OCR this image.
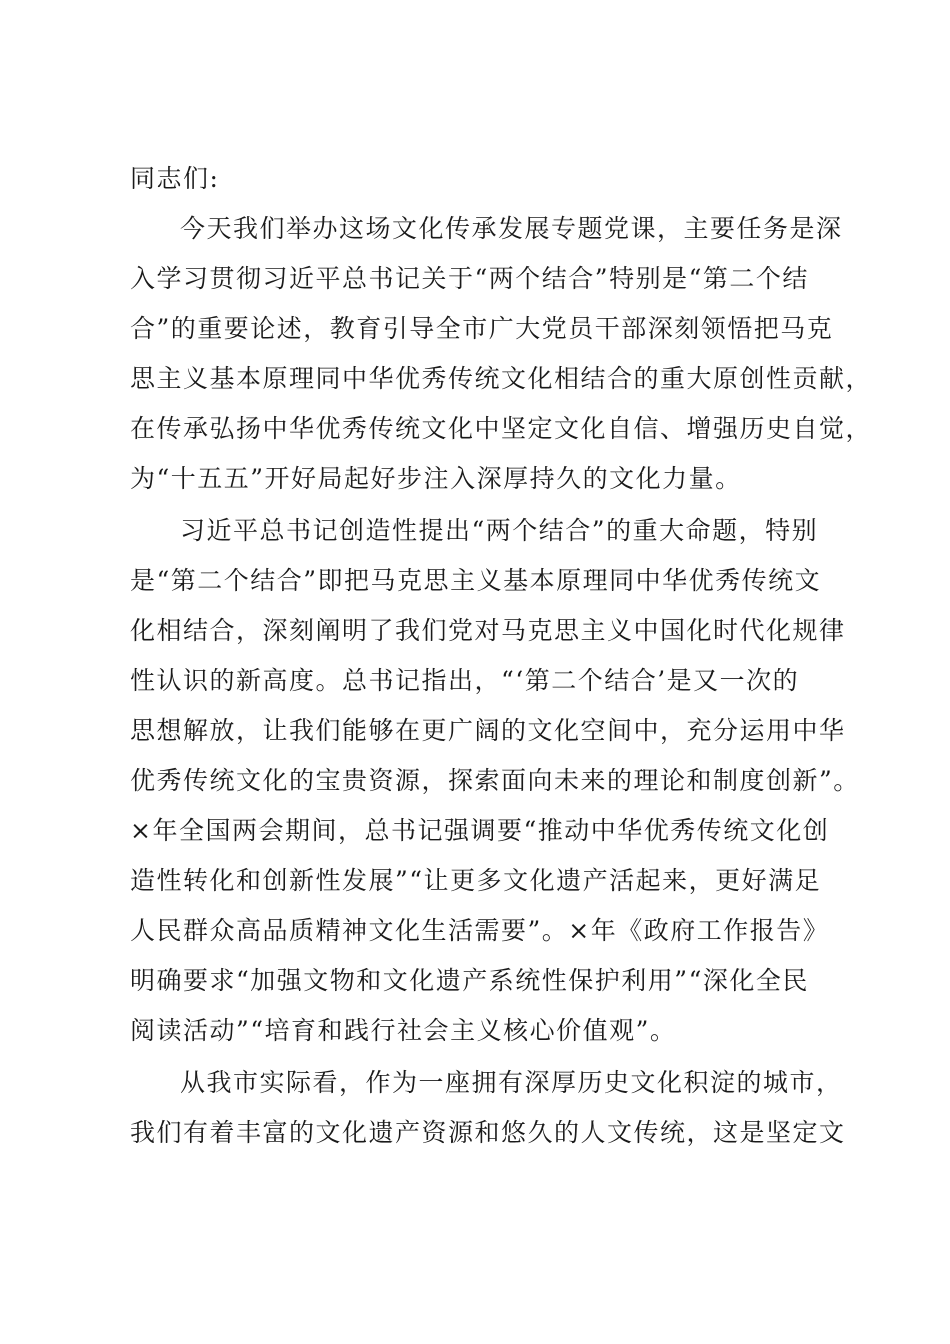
同志们:
今天我们举办这场文化传承发展专题党课，主要任务是深
入学习贯彻习近平总书记关于“两个结合”特别是“第二个结
合”的重要论述，教育引导全市广大党员干部深刻领悟把马克
思主义基本原理同中华优秀传统文化相结合的重大原创性贡献，
在传承弘扬中华优秀传统文化中坚定文化自信、增强历史自觉，
为“十五五”开好局起好步注入深厚持久的文化力量。
习近平总书记创造性提出“两个结合”的重大命题，特别
是“第二个结合”即把马克思主义基本原理同中华优秀传统文
化相结合，深刻阐明了我们党对马克思主义中国化时代化规律
性认识的新高度。总书记指出，“‘第二个结合’是又一次的
思想解放，让我们能够在更广阔的文化空间中，充分运用中华
优秀传统文化的宝贵资源，探索面向未来的理论和制度创新”。
×年全国两会期间，总书记强调要“推动中华优秀传统文化创
造性转化和创新性发展”“让更多文化遗产活起来，更好满足
人民群众高品质精神文化生活需要”。×年《政府工作报告》
明确要求“加强文物和文化遗产系统性保护利用”“深化全民
阅读活动”“培育和践行社会主义核心价值观”。
从我市实际看，作为一座拥有深厚历史文化积淀的城市，
我们有着丰富的文化遗产资源和悠久的人文传统，这是坚定文
